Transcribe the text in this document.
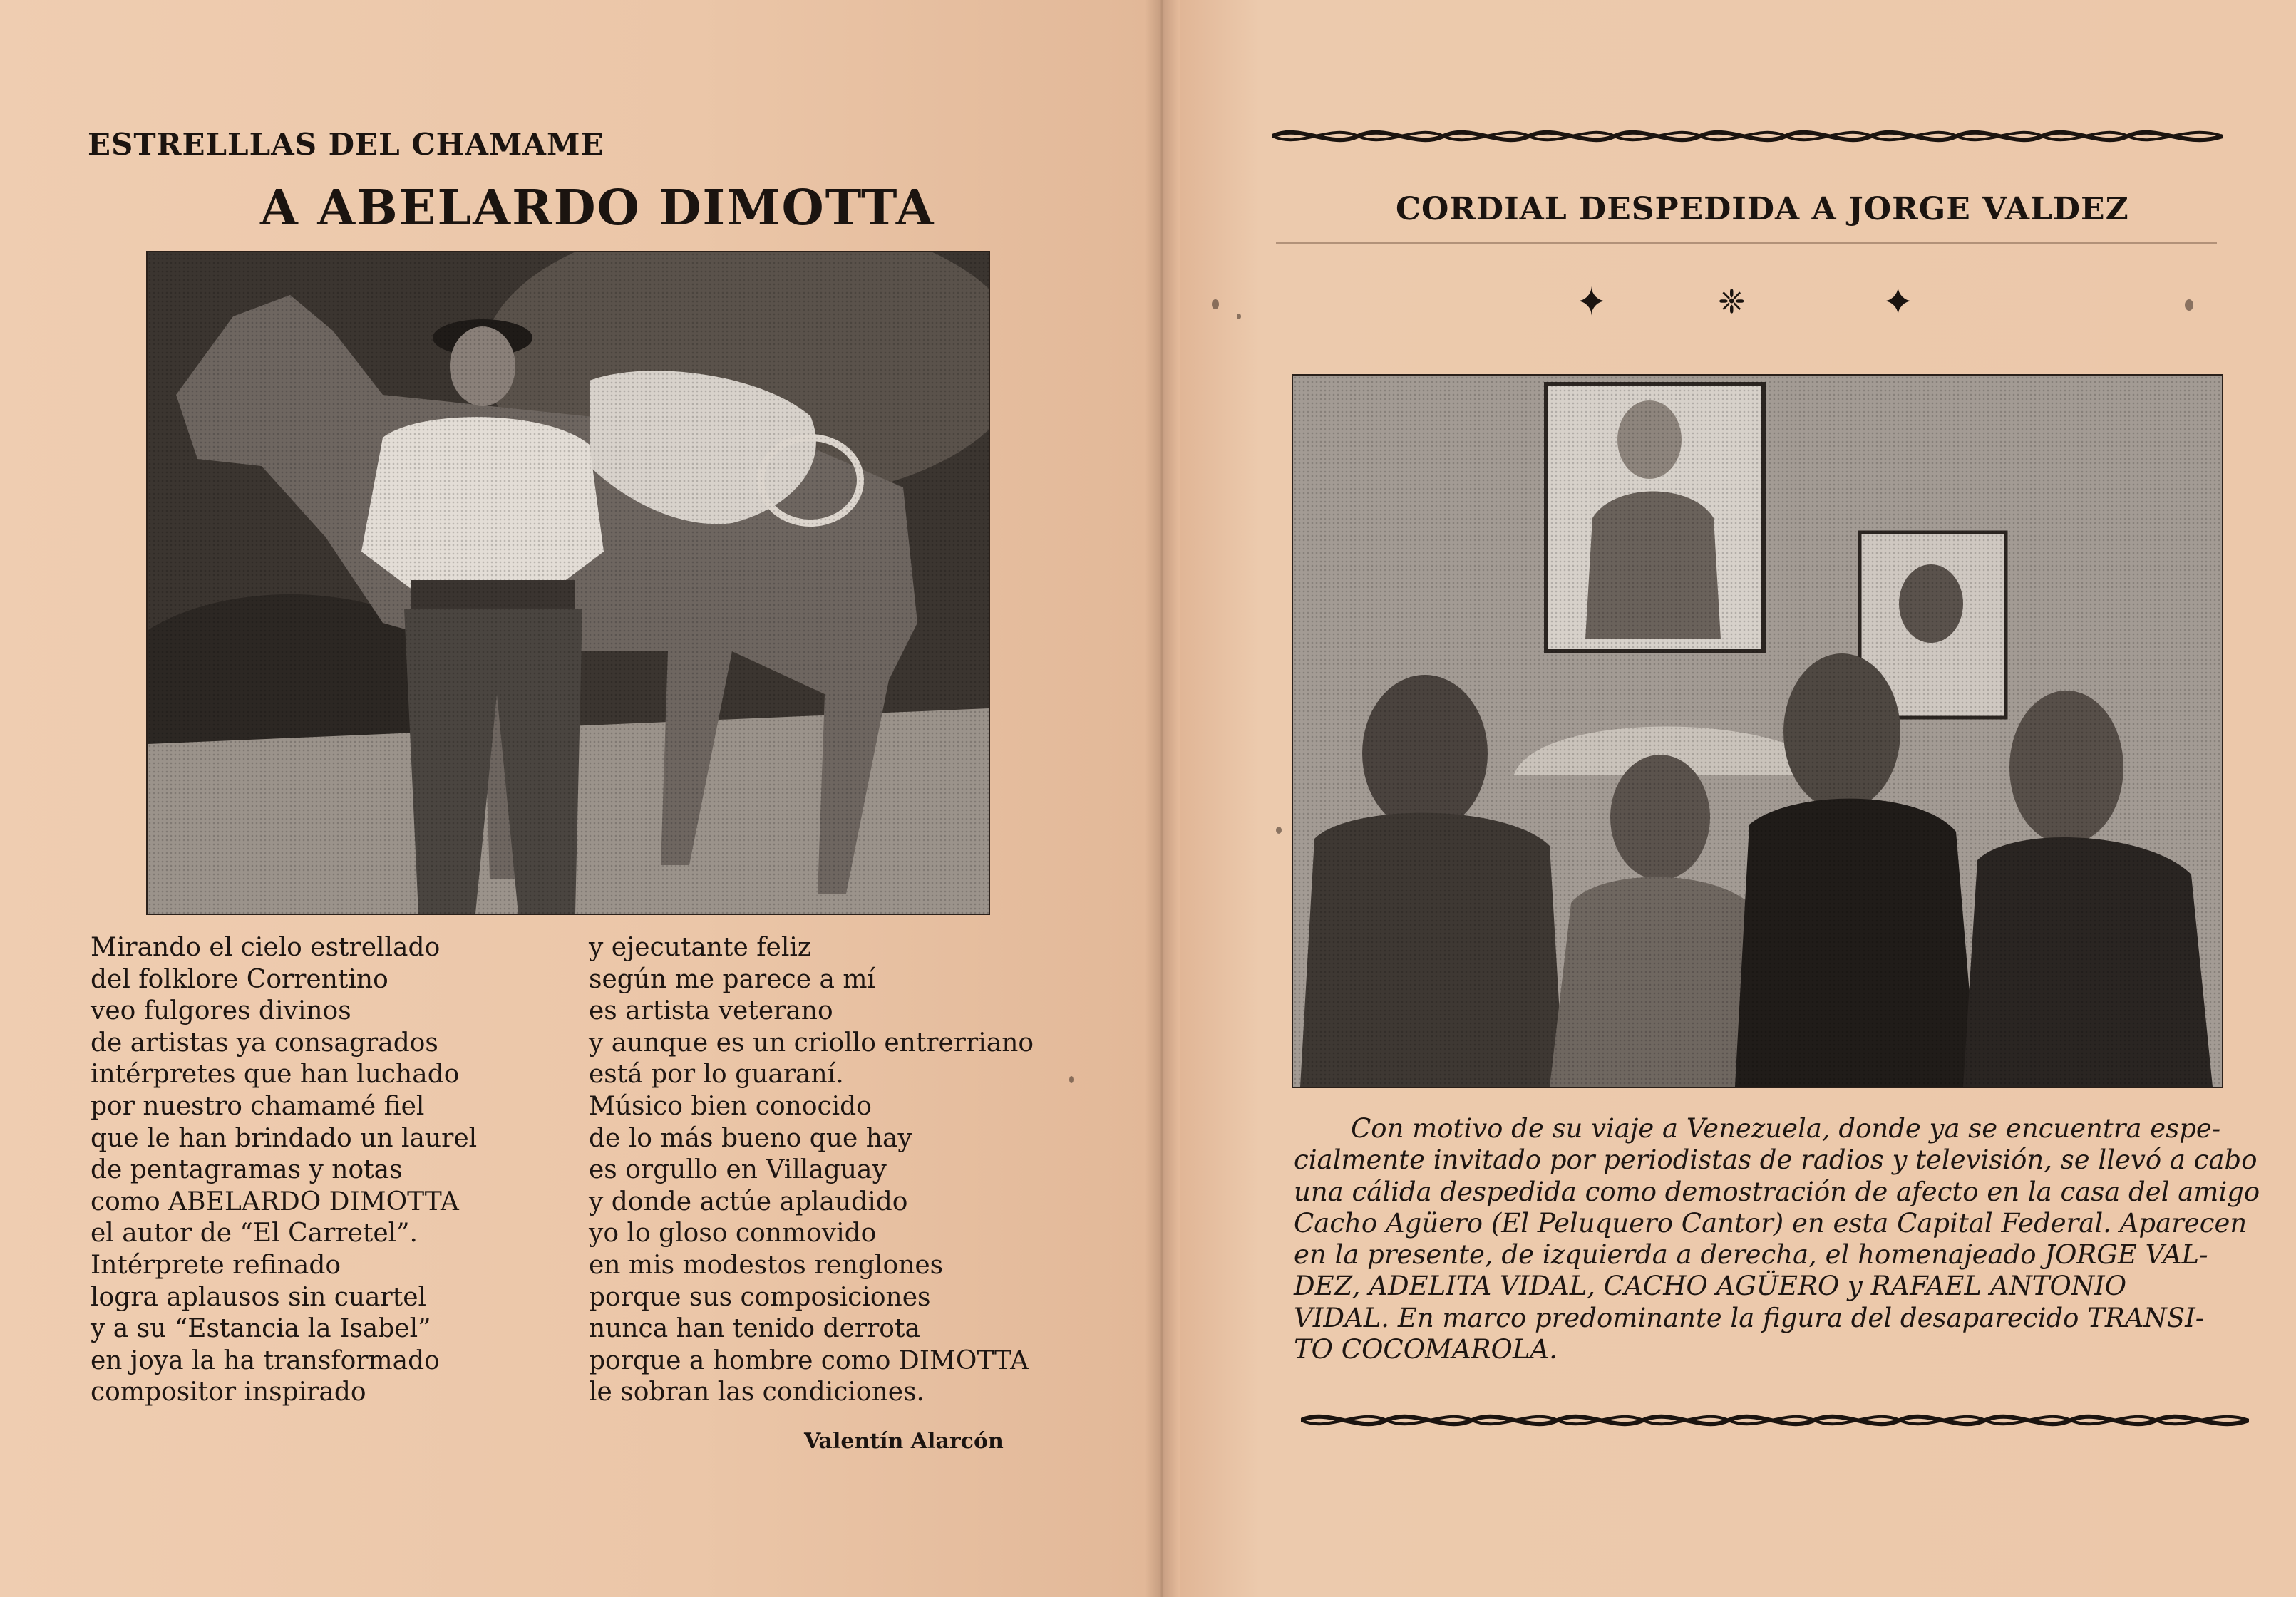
ESTRELLLAS DEL CHAMAME
A ABELARDO DIMOTTA
Mirando el cielo estrellado
del folklore Correntino
veo fulgores divinos
de artistas ya consagrados
intérpretes que han luchado
por nuestro chamamé fiel
que le han brindado un laurel
de pentagramas y notas
como ABELARDO DIMOTTA
el autor de “El Carretel”.
Intérprete refinado
logra aplausos sin cuartel
y a su “Estancia la Isabel”
en joya la ha transformado
compositor inspirado
y ejecutante feliz
según me parece a mí
es artista veterano
y aunque es un criollo entrerriano
está por lo guaraní.
Músico bien conocido
de lo más bueno que hay
es orgullo en Villaguay
y donde actúe aplaudido
yo lo gloso conmovido
en mis modestos renglones
porque sus composiciones
nunca han tenido derrota
porque a hombre como DIMOTTA
le sobran las condiciones.
Valentín Alarcón
CORDIAL DESPEDIDA A JORGE VALDEZ
✦	❈	✦
Con motivo de su viaje a Venezuela, donde ya se encuentra espe-
cialmente invitado por periodistas de radios y televisión, se llevó a cabo
una cálida despedida como demostración de afecto en la casa del amigo
Cacho Agüero (El Peluquero Cantor) en esta Capital Federal. Aparecen
en la presente, de izquierda a derecha, el homenajeado JORGE VAL-
DEZ, ADELITA VIDAL, CACHO AGÜERO y RAFAEL ANTONIO
VIDAL. En marco predominante la figura del desaparecido TRANSI-
TO COCOMAROLA.
